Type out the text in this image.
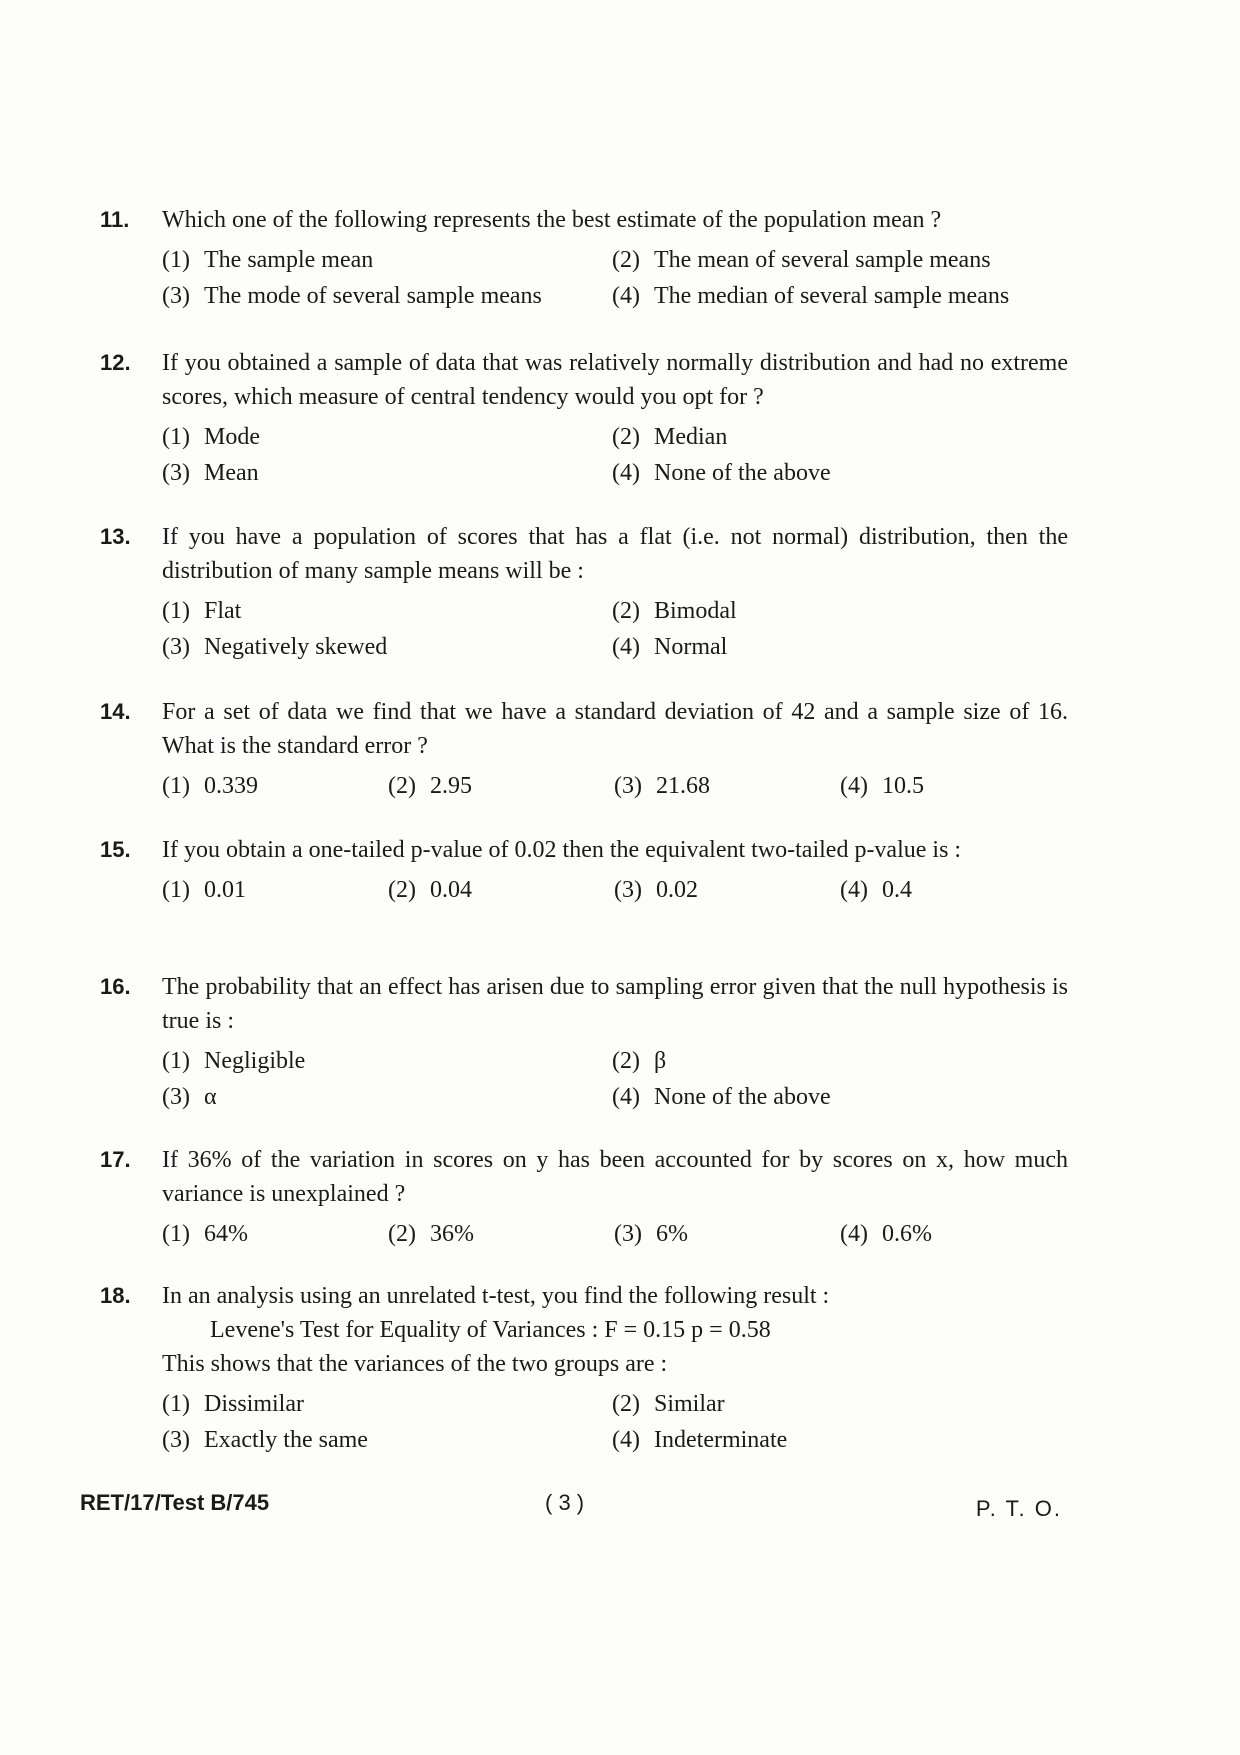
11. Which one of the following represents the best estimate of the population mean ?
(1) The sample mean	(2) The mean of several sample means
(3) The mode of several sample means	(4) The median of several sample means
12. If you obtained a sample of data that was relatively normally distribution and had no extreme scores, which measure of central tendency would you opt for ?
(1) Mode	(2) Median
(3) Mean	(4) None of the above
13. If you have a population of scores that has a flat (i.e. not normal) distribution, then the distribution of many sample means will be :
(1) Flat	(2) Bimodal
(3) Negatively skewed	(4) Normal
14. For a set of data we find that we have a standard deviation of 42 and a sample size of 16. What is the standard error ?
(1) 0.339	(2) 2.95	(3) 21.68	(4) 10.5
15. If you obtain a one-tailed p-value of 0.02 then the equivalent two-tailed p-value is :
(1) 0.01	(2) 0.04	(3) 0.02	(4) 0.4
16. The probability that an effect has arisen due to sampling error given that the null hypothesis is true is :
(1) Negligible	(2) β
(3) α	(4) None of the above
17. If 36% of the variation in scores on y has been accounted for by scores on x, how much variance is unexplained ?
(1) 64%	(2) 36%	(3) 6%	(4) 0.6%
18. In an analysis using an unrelated t-test, you find the following result :
Levene's Test for Equality of Variances : F = 0.15 p = 0.58
This shows that the variances of the two groups are :
(1) Dissimilar	(2) Similar
(3) Exactly the same	(4) Indeterminate
RET/17/Test B/745	( 3 )	P. T. O.
